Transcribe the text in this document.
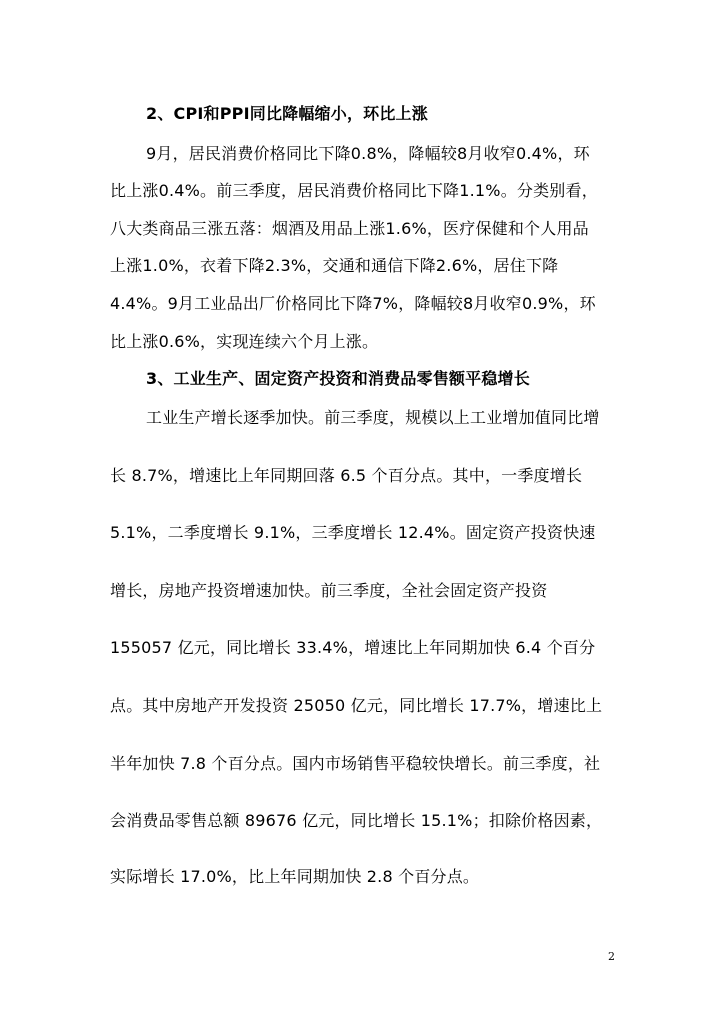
2、CPI和PPI同比降幅缩小，环比上涨
9月，居民消费价格同比下降0.8%，降幅较8月收窄0.4%，环
比上涨0.4%。前三季度，居民消费价格同比下降1.1%。分类别看，
八大类商品三涨五落：烟酒及用品上涨1.6%，医疗保健和个人用品
上涨1.0%，衣着下降2.3%，交通和通信下降2.6%，居住下降
4.4%。9月工业品出厂价格同比下降7%，降幅较8月收窄0.9%，环
比上涨0.6%，实现连续六个月上涨。
3、工业生产、固定资产投资和消费品零售额平稳增长
工业生产增长逐季加快。前三季度，规模以上工业增加值同比增
长 8.7%，增速比上年同期回落 6.5 个百分点。其中，一季度增长
5.1%，二季度增长 9.1%，三季度增长 12.4%。固定资产投资快速
增长，房地产投资增速加快。前三季度，全社会固定资产投资
155057 亿元，同比增长 33.4%，增速比上年同期加快 6.4 个百分
点。其中房地产开发投资 25050 亿元，同比增长 17.7%，增速比上
半年加快 7.8 个百分点。国内市场销售平稳较快增长。前三季度，社
会消费品零售总额 89676 亿元，同比增长 15.1%；扣除价格因素，
实际增长 17.0%，比上年同期加快 2.8 个百分点。
2
